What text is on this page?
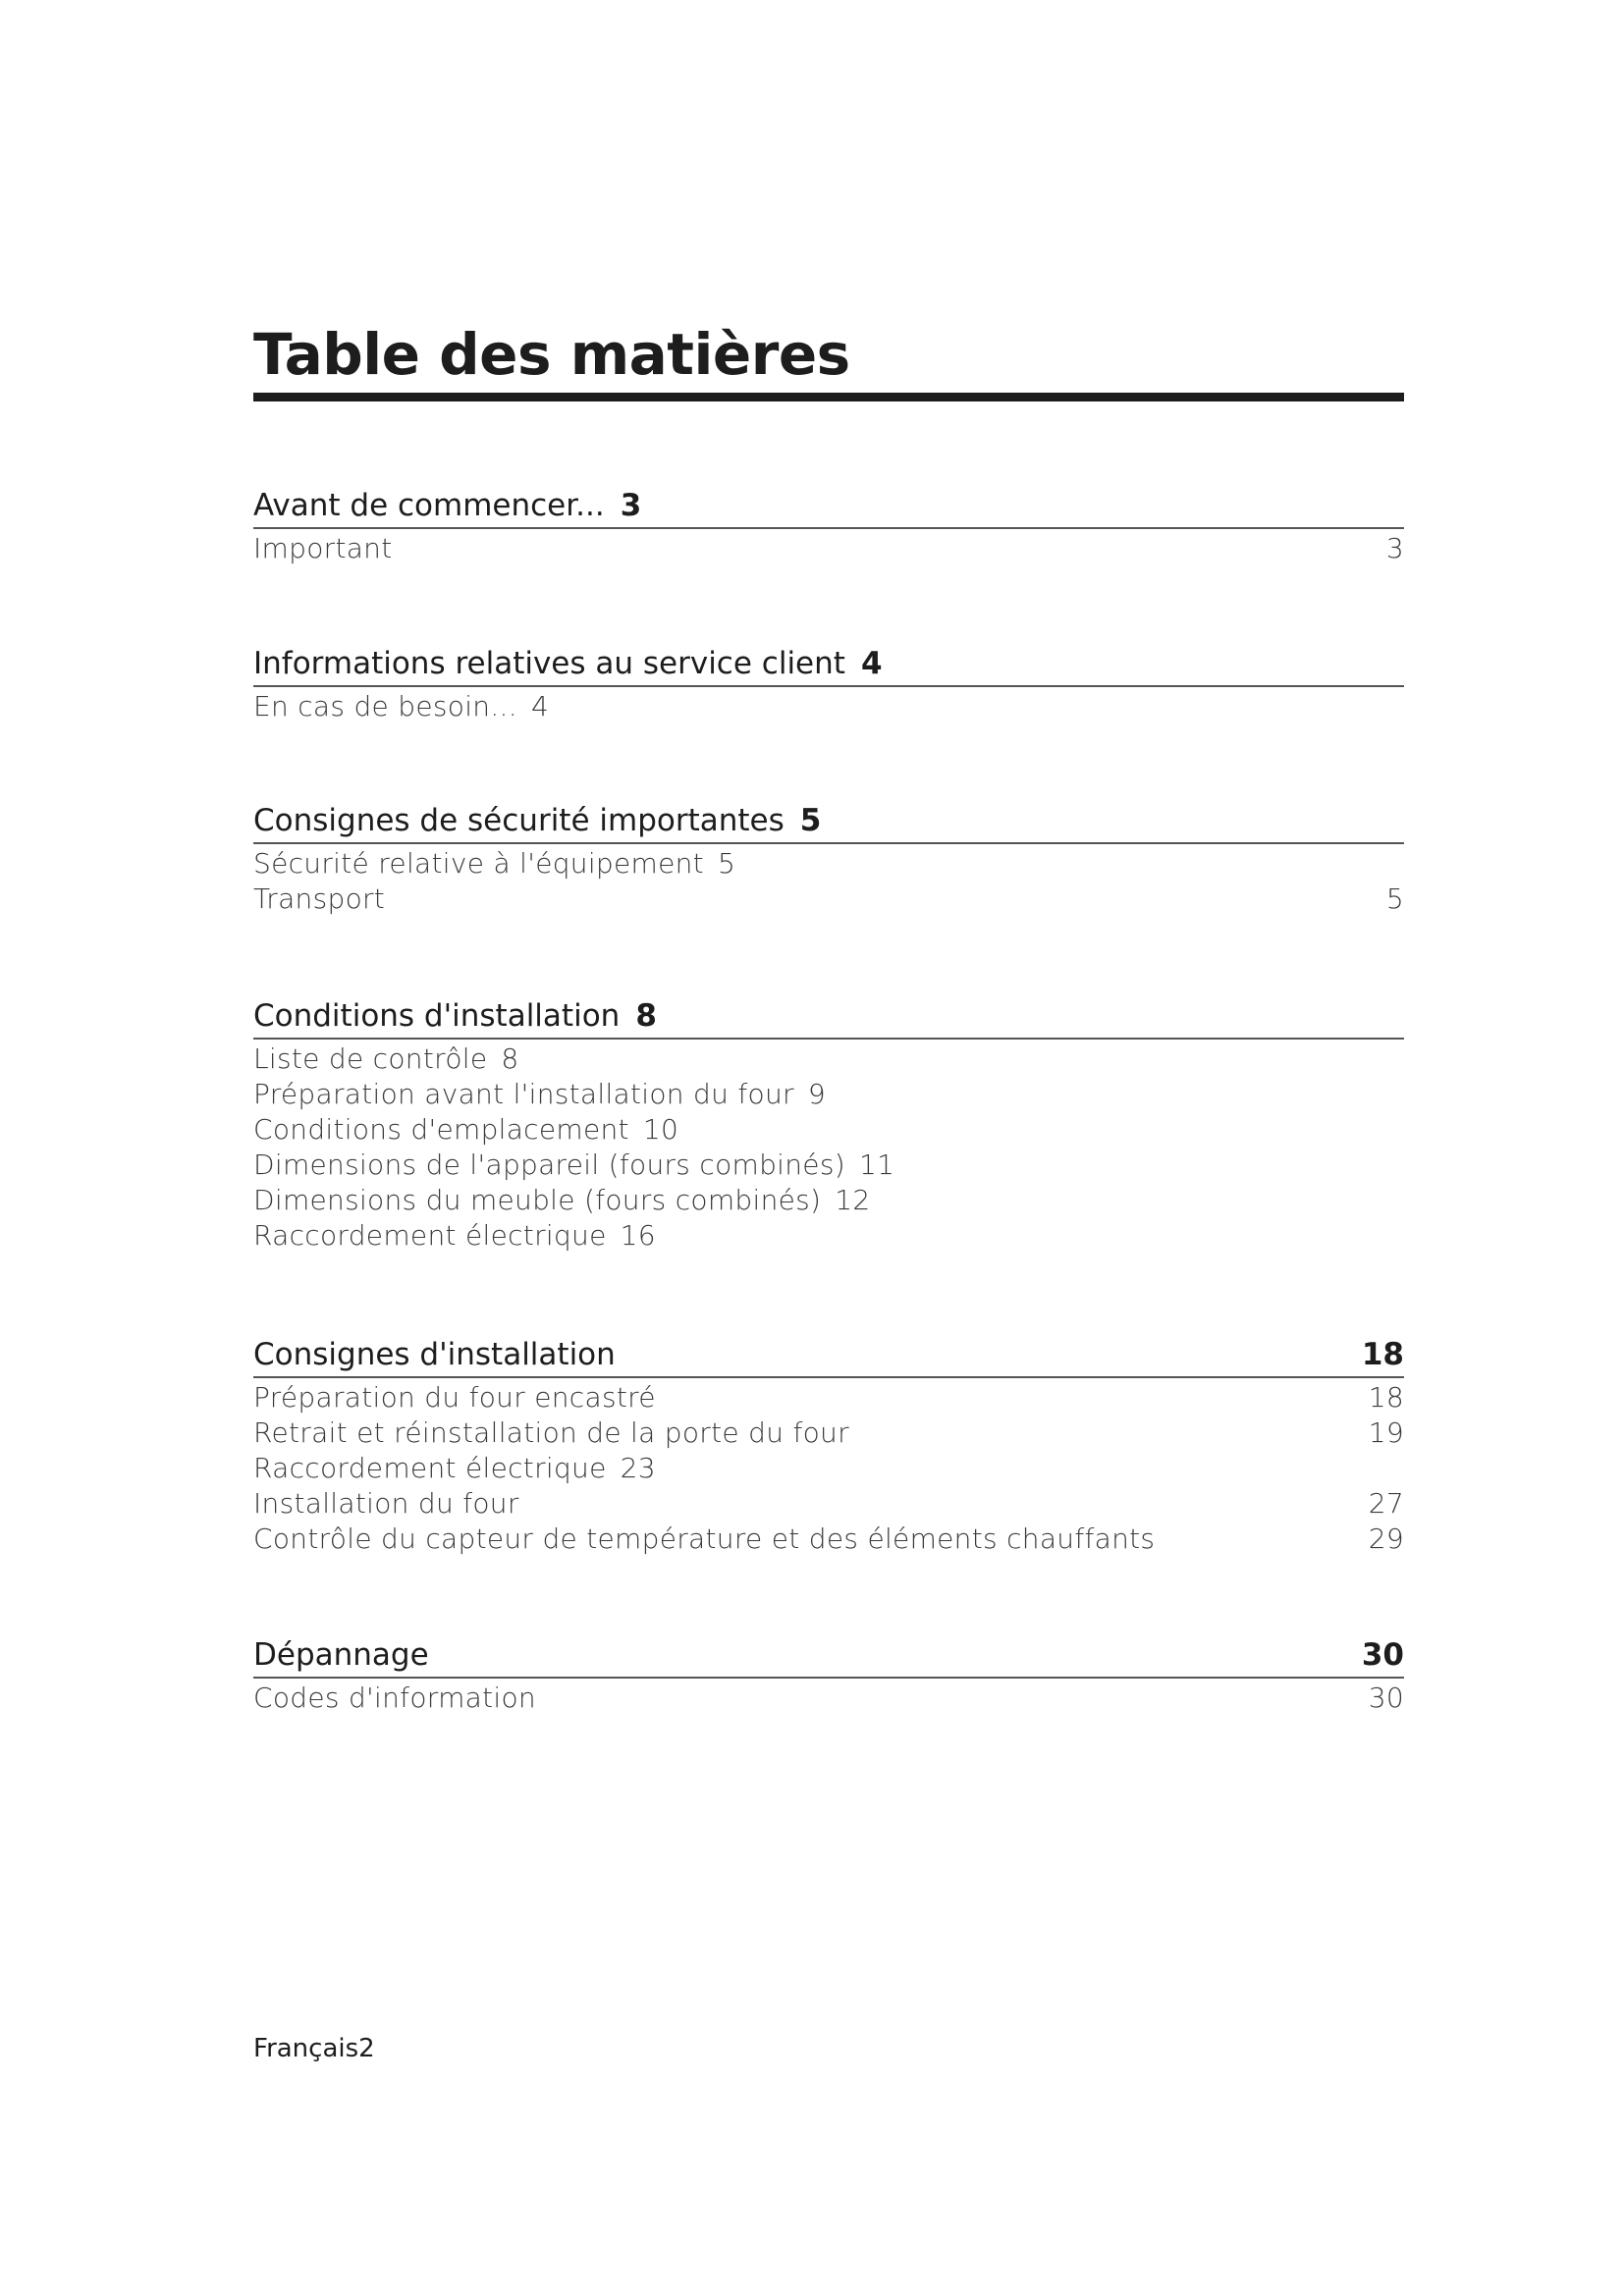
Table des matières
Avant de commencer... 3
Important	3
Informations relatives au service client 4
En cas de besoin... 4
Consignes de sécurité importantes 5
Sécurité relative à l'équipement 5
Transport	5
Conditions d'installation 8
Liste de contrôle 8
Préparation avant l'installation du four 9
Conditions d'emplacement 10
Dimensions de l'appareil (fours combinés) 11
Dimensions du meuble (fours combinés) 12
Raccordement électrique 16
Consignes d'installation	18
Préparation du four encastré	18
Retrait et réinstallation de la porte du four	19
Raccordement électrique 23
Installation du four	27
Contrôle du capteur de température et des éléments chauffants	29
Dépannage	30
Codes d'information	30
Français2
